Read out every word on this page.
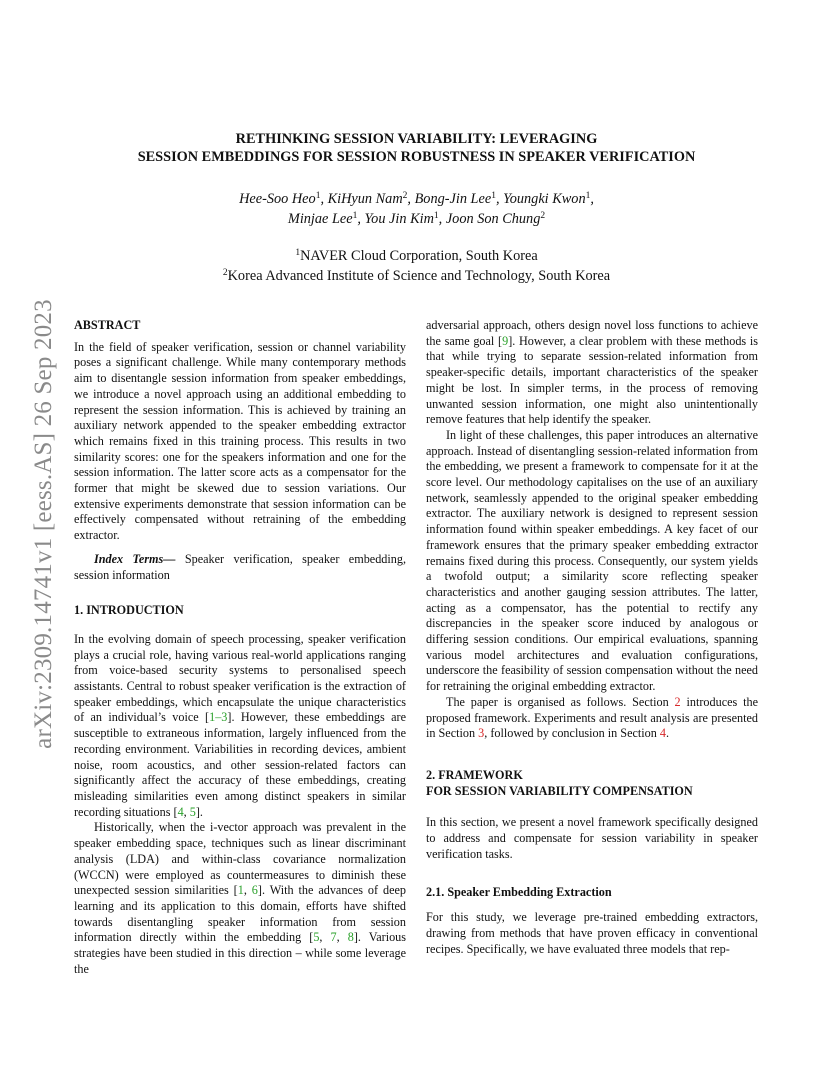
arXiv:2309.14741v1 [eess.AS] 26 Sep 2023
RETHINKING SESSION VARIABILITY: LEVERAGING
SESSION EMBEDDINGS FOR SESSION ROBUSTNESS IN SPEAKER VERIFICATION
Hee-Soo Heo$^1$, KiHyun Nam$^2$, Bong-Jin Lee$^1$, Youngki Kwon$^1$,
Minjae Lee$^1$, You Jin Kim$^1$, Joon Son Chung$^2$
$^1$NAVER Cloud Corporation, South Korea
$^2$Korea Advanced Institute of Science and Technology, South Korea

ABSTRACT

In the field of speaker verification, session or channel variability poses a significant challenge. While many contemporary methods aim to disentangle session information from speaker embeddings, we introduce a novel approach using an additional embedding to represent the session information. This is achieved by training an auxiliary network appended to the speaker embedding extractor which remains fixed in this training process. This results in two similarity scores: one for the speakers information and one for the session information. The latter score acts as a compensator for the former that might be skewed due to session variations. Our extensive experiments demonstrate that session information can be effectively compensated without retraining of the embedding extractor.

Index Terms— Speaker verification, speaker embedding, session information

1. INTRODUCTION

In the evolving domain of speech processing, speaker verification plays a crucial role, having various real-world applications ranging from voice-based security systems to personalised speech assistants. Central to robust speaker verification is the extraction of speaker embeddings, which encapsulate the unique characteristics of an individual’s voice [1–3]. However, these embeddings are susceptible to extraneous information, largely influenced from the recording environment. Variabilities in recording devices, ambient noise, room acoustics, and other session-related factors can significantly affect the accuracy of these embeddings, creating misleading similarities even among distinct speakers in similar recording situations [4, 5].

Historically, when the i-vector approach was prevalent in the speaker embedding space, techniques such as linear discriminant analysis (LDA) and within-class covariance normalization (WCCN) were employed as countermeasures to diminish these unexpected session similarities [1, 6]. With the advances of deep learning and its application to this domain, efforts have shifted towards disentangling speaker information from session information directly within the embedding [5, 7, 8]. Various strategies have been studied in this direction – while some leverage the

adversarial approach, others design novel loss functions to achieve the same goal [9]. However, a clear problem with these methods is that while trying to separate session-related information from speaker-specific details, important characteristics of the speaker might be lost. In simpler terms, in the process of removing unwanted session information, one might also unintentionally remove features that help identify the speaker.

In light of these challenges, this paper introduces an alternative approach. Instead of disentangling session-related information from the embedding, we present a framework to compensate for it at the score level. Our methodology capitalises on the use of an auxiliary network, seamlessly appended to the original speaker embedding extractor. The auxiliary network is designed to represent session information found within speaker embeddings. A key facet of our framework ensures that the primary speaker embedding extractor remains fixed during this process. Consequently, our system yields a twofold output; a similarity score reflecting speaker characteristics and another gauging session attributes. The latter, acting as a compensator, has the potential to rectify any discrepancies in the speaker score induced by analogous or differing session conditions. Our empirical evaluations, spanning various model architectures and evaluation configurations, underscore the feasibility of session compensation without the need for retraining the original embedding extractor.

The paper is organised as follows. Section 2 introduces the proposed framework. Experiments and result analysis are presented in Section 3, followed by conclusion in Section 4.

2. FRAMEWORK
FOR SESSION VARIABILITY COMPENSATION

In this section, we present a novel framework specifically designed to address and compensate for session variability in speaker verification tasks.

2.1. Speaker Embedding Extraction

For this study, we leverage pre-trained embedding extractors, drawing from methods that have proven efficacy in conventional recipes. Specifically, we have evaluated three models that rep-
